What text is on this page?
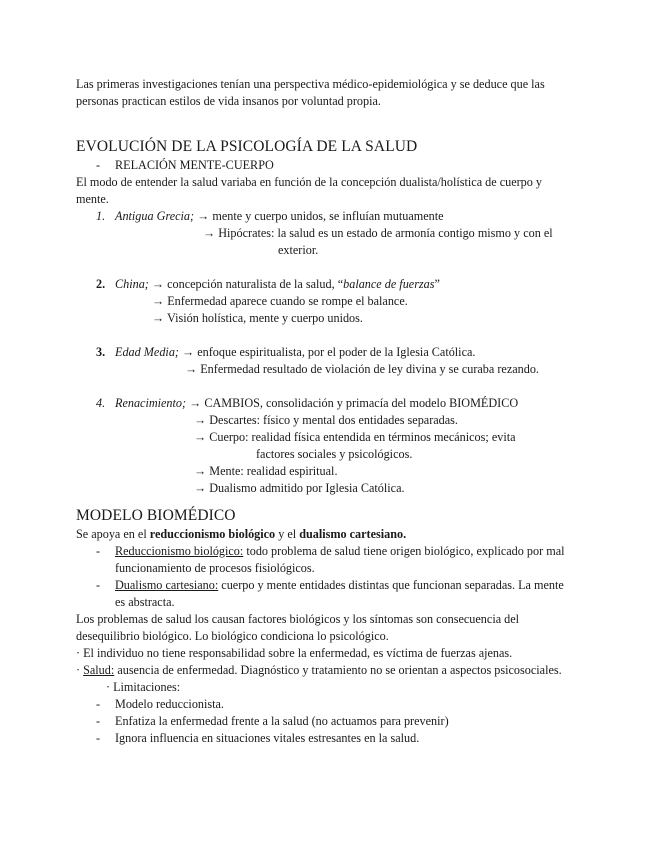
Las primeras investigaciones tenían una perspectiva médico-epidemiológica y se deduce que las personas practican estilos de vida insanos por voluntad propia.

EVOLUCIÓN DE LA PSICOLOGÍA DE LA SALUD
- RELACIÓN MENTE-CUERPO

El modo de entender la salud variaba en función de la concepción dualista/holística de cuerpo y mente.

1. Antigua Grecia; → mente y cuerpo unidos, se influían mutuamente
→ Hipócrates: la salud es un estado de armonía contigo mismo y con el
exterior.
2. China; → concepción naturalista de la salud, “balance de fuerzas”
→ Enfermedad aparece cuando se rompe el balance.
→ Visión holística, mente y cuerpo unidos.
3. Edad Media; → enfoque espiritualista, por el poder de la Iglesia Católica.
→ Enfermedad resultado de violación de ley divina y se curaba rezando.
4. Renacimiento; → CAMBIOS, consolidación y primacía del modelo BIOMÉDICO
→ Descartes: físico y mental dos entidades separadas.
→ Cuerpo: realidad física entendida en términos mecánicos; evita
factores sociales y psicológicos.
→ Mente: realidad espiritual.
→ Dualismo admitido por Iglesia Católica.
MODELO BIOMÉDICO

Se apoya en el reduccionismo biológico y el dualismo cartesiano.

- Reduccionismo biológico: todo problema de salud tiene origen biológico, explicado por mal funcionamiento de procesos fisiológicos.
- Dualismo cartesiano: cuerpo y mente entidades distintas que funcionan separadas. La mente es abstracta.

Los problemas de salud los causan factores biológicos y los síntomas son consecuencia del desequilibrio biológico. Lo biológico condiciona lo psicológico.

· El individuo no tiene responsabilidad sobre la enfermedad, es víctima de fuerzas ajenas.

· Salud: ausencia de enfermedad. Diagnóstico y tratamiento no se orientan a aspectos psicosociales.

· Limitaciones:
- Modelo reduccionista.
- Enfatiza la enfermedad frente a la salud (no actuamos para prevenir)
- Ignora influencia en situaciones vitales estresantes en la salud.
